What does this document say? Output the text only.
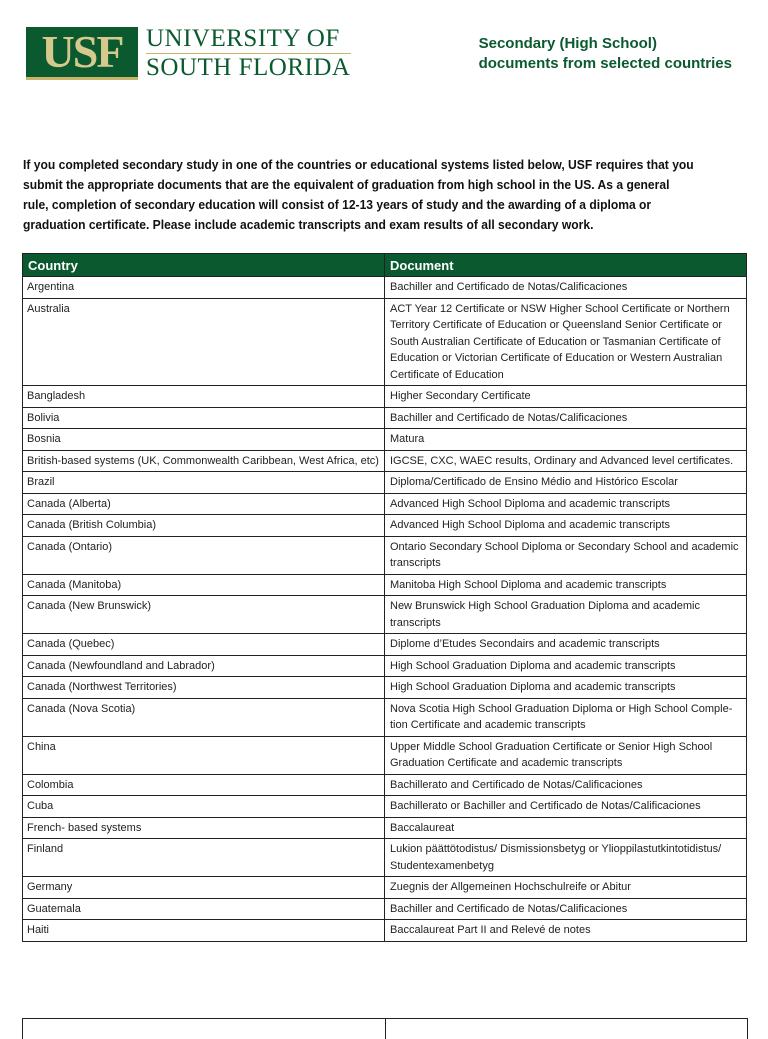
USF UNIVERSITY OF
SOUTH FLORIDA
Secondary (High School)
documents from selected countries

If you completed secondary study in one of the countries or educational systems listed below, USF requires that you submit the appropriate documents that are the equivalent of graduation from high school in the US. As a general rule, completion of secondary education will consist of 12-13 years of study and the awarding of a diploma or graduation certificate. Please include academic transcripts and exam results of all secondary work.

Country	Document
Argentina	Bachiller and Certificado de Notas/Calificaciones
Australia	ACT Year 12 Certificate or NSW Higher School Certificate or Northern Territory Certificate of Education or Queensland Senior Certificate or South Australian Certificate of Education or Tasmanian Certificate of Education or Victorian Certificate of Education or Western Australian Certificate of Education
Bangladesh	Higher Secondary Certificate
Bolivia	Bachiller and Certificado de Notas/Calificaciones
Bosnia	Matura
British-based systems (UK, Commonwealth Caribbean, West Africa, etc)	IGCSE, CXC, WAEC results, Ordinary and Advanced level certificates.
Brazil	Diploma/Certificado de Ensino Médio and Histórico Escolar
Canada (Alberta)	Advanced High School Diploma and academic transcripts
Canada (British Columbia)	Advanced High School Diploma and academic transcripts
Canada (Ontario)	Ontario Secondary School Diploma or Secondary School and academic transcripts
Canada (Manitoba)	Manitoba High School Diploma and academic transcripts
Canada (New Brunswick)	New Brunswick High School Graduation Diploma and academic transcripts
Canada (Quebec)	Diplome d’Etudes Secondairs and academic transcripts
Canada (Newfoundland and Labrador)	High School Graduation Diploma and academic transcripts
Canada (Northwest Territories)	High School Graduation Diploma and academic transcripts
Canada (Nova Scotia)	Nova Scotia High School Graduation Diploma or High School Comple-tion Certificate and academic transcripts
China	Upper Middle School Graduation Certificate or Senior High School Graduation Certificate and academic transcripts
Colombia	Bachillerato and Certificado de Notas/Calificaciones
Cuba	Bachillerato or Bachiller and Certificado de Notas/Calificaciones
French- based systems	Baccalaureat
Finland	Lukion päättötodistus/ Dismissionsbetyg or Ylioppilastutkintotidistus/ Studentexamenbetyg
Germany	Zuegnis der Allgemeinen Hochschulreife or Abitur
Guatemala	Bachiller and Certificado de Notas/Calificaciones
Haiti	Baccalaureat Part II and Relevé de notes
